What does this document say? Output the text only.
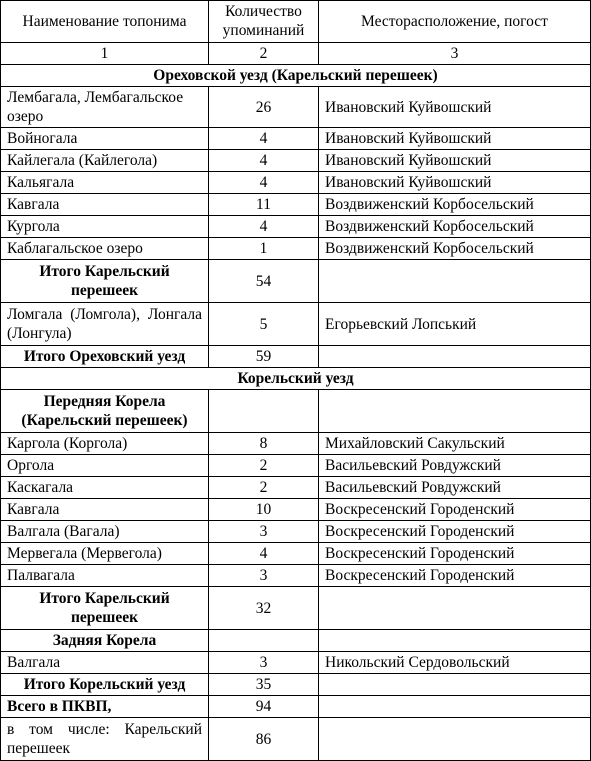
Наименование топонима	Количество упоминаний	Месторасположение, погост
1	2	3
Ореховской уезд (Карельский перешеек)		
Лембагала, Лембагальское озеро	26	Ивановский Куйвошский
Войногала	4	Ивановский Куйвошский
Кайлегала (Кайлегола)	4	Ивановский Куйвошский
Кальягала	4	Ивановский Куйвошский
Кавгала	11	Воздвиженский Корбосельский
Кургола	4	Воздвиженский Корбосельский
Каблагальское озеро	1	Воздвиженский Корбосельский
Итого Карельский перешеек	54	
Ломгала (Ломгола), Лонгала (Лонгула)	5	Егорьевский Лопський
Итого Ореховский уезд	59	
Корельский уезд		
Передняя Корела (Карельский перешеек)		
Каргола (Коргола)	8	Михайловский Сакульский
Оргола	2	Васильевский Ровдужский
Каскагала	2	Васильевский Ровдужский
Кавгала	10	Воскресенский Городенский
Валгала (Вагала)	3	Воскресенский Городенский
Мервегала (Мервегола)	4	Воскресенский Городенский
Палвагала	3	Воскресенский Городенский
Итого Карельский перешеек	32	
Задняя Корела		
Валгала	3	Никольский Сердовольский
Итого Корельский уезд	35	
Всего в ПКВП,	94	
в том числе: Карельский перешеек	86	
